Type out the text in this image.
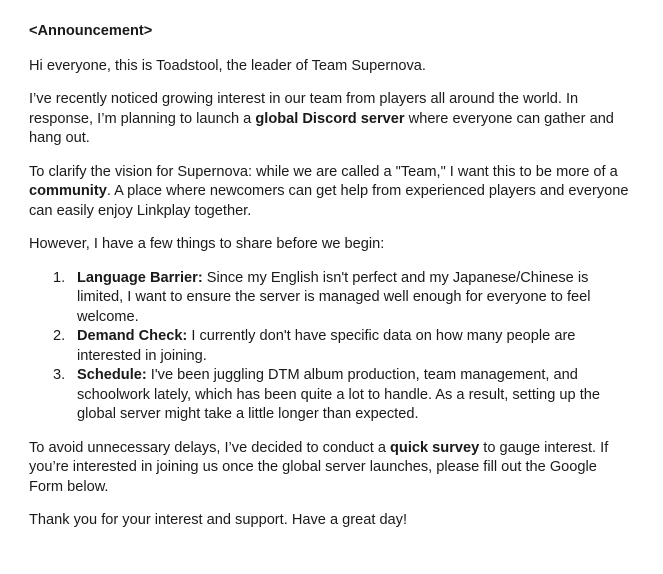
<Announcement>

Hi everyone, this is Toadstool, the leader of Team Supernova.

I’ve recently noticed growing interest in our team from players all around the world. In response, I’m planning to launch a global Discord server where everyone can gather and hang out.

To clarify the vision for Supernova: while we are called a "Team," I want this to be more of a community. A place where newcomers can get help from experienced players and everyone can easily enjoy Linkplay together.

However, I have a few things to share before we begin:

1. Language Barrier: Since my English isn't perfect and my Japanese/Chinese is limited, I want to ensure the server is managed well enough for everyone to feel welcome.
2. Demand Check: I currently don't have specific data on how many people are interested in joining.
3. Schedule: I've been juggling DTM album production, team management, and schoolwork lately, which has been quite a lot to handle. As a result, setting up the global server might take a little longer than expected.

To avoid unnecessary delays, I’ve decided to conduct a quick survey to gauge interest. If you’re interested in joining us once the global server launches, please fill out the Google Form below.

Thank you for your interest and support. Have a great day!
